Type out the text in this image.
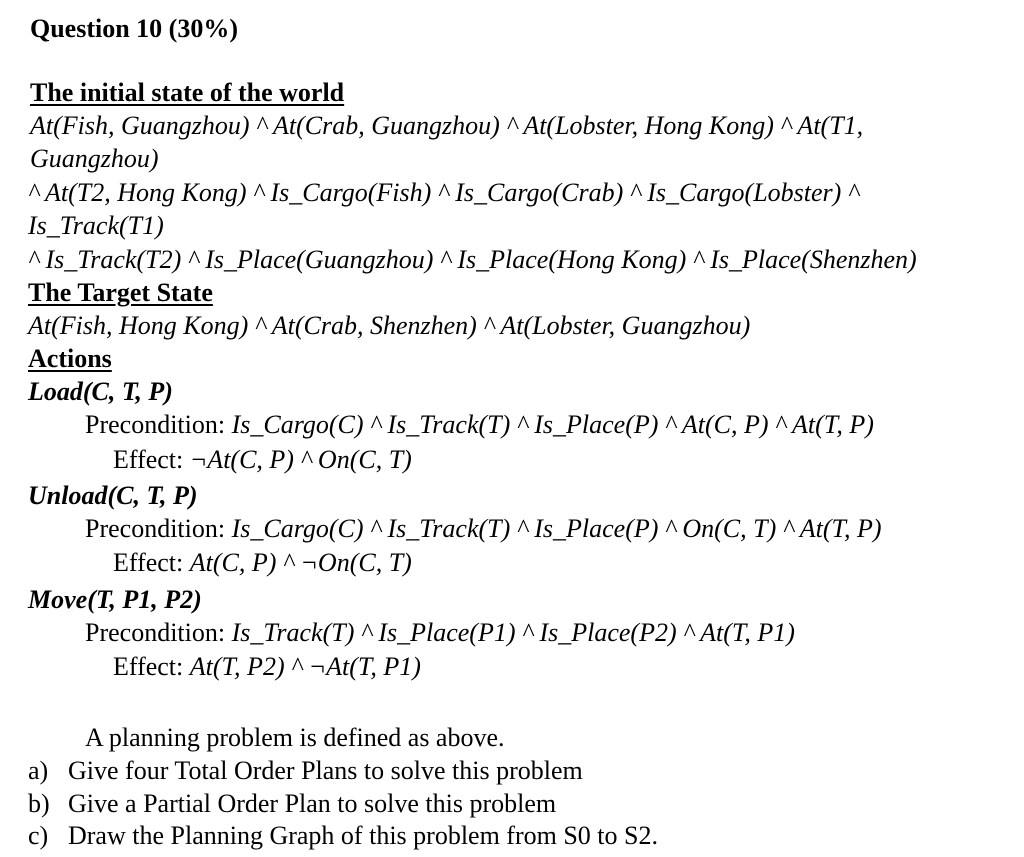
Question 10 (30%)
The initial state of the world
At(Fish, Guangzhou) ^ At(Crab, Guangzhou) ^ At(Lobster, Hong Kong) ^ At(T1,
Guangzhou)
^ At(T2, Hong Kong) ^ Is_Cargo(Fish) ^ Is_Cargo(Crab) ^ Is_Cargo(Lobster) ^
Is_Track(T1)
^ Is_Track(T2) ^ Is_Place(Guangzhou) ^ Is_Place(Hong Kong) ^ Is_Place(Shenzhen)
The Target State
At(Fish, Hong Kong) ^ At(Crab, Shenzhen) ^ At(Lobster, Guangzhou)
Actions
Load(C, T, P)
Precondition: Is_Cargo(C) ^ Is_Track(T) ^ Is_Place(P) ^ At(C, P) ^ At(T, P)
Effect: ¬At(C, P) ^ On(C, T)
Unload(C, T, P)
Precondition: Is_Cargo(C) ^ Is_Track(T) ^ Is_Place(P) ^ On(C, T) ^ At(T, P)
Effect: At(C, P) ^ ¬On(C, T)
Move(T, P1, P2)
Precondition: Is_Track(T) ^ Is_Place(P1) ^ Is_Place(P2) ^ At(T, P1)
Effect: At(T, P2) ^ ¬At(T, P1)
A planning problem is defined as above.
a) Give four Total Order Plans to solve this problem
b) Give a Partial Order Plan to solve this problem
c) Draw the Planning Graph of this problem from S0 to S2.
